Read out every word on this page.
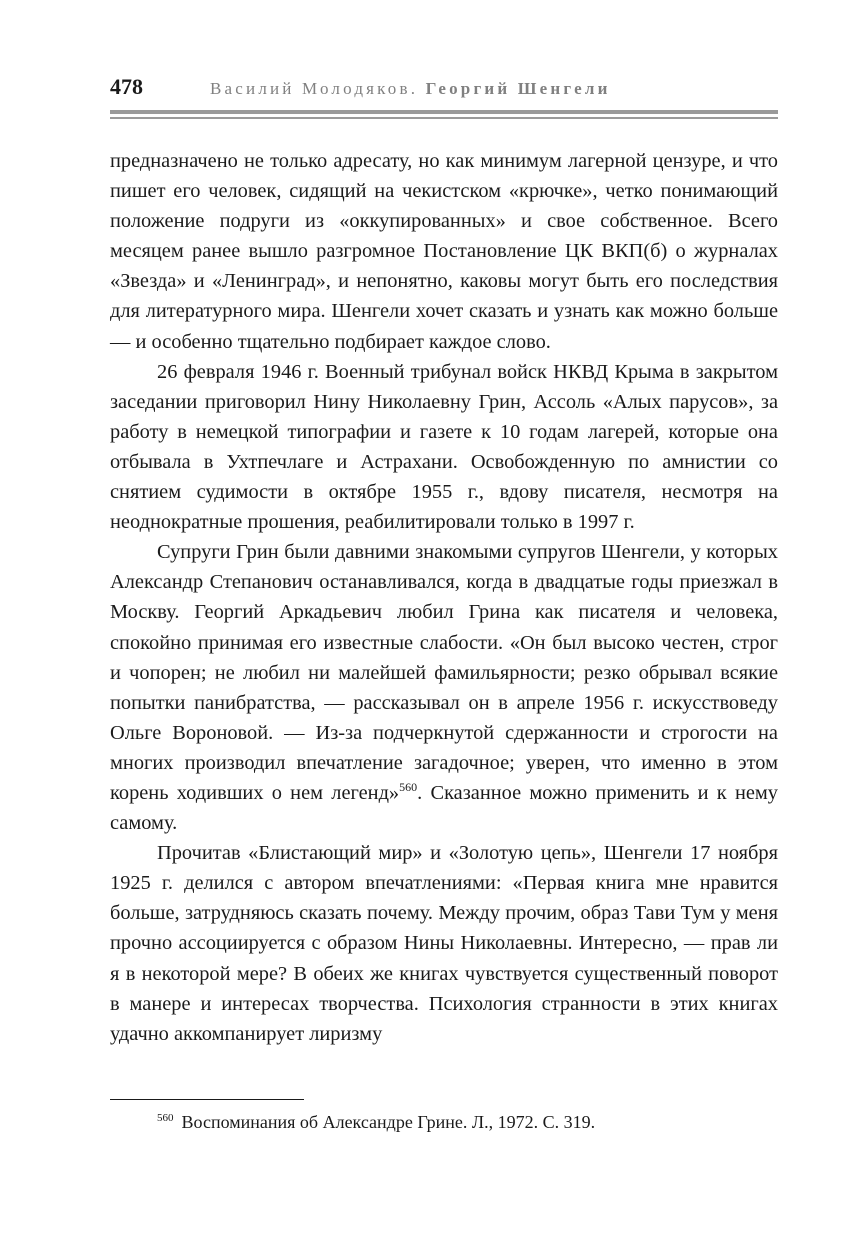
478	Василий Молодяков. Георгий Шенгели

предназначено не только адресату, но как минимум лагерной цензуре, и что пишет его человек, сидящий на чекистском «крючке», четко понимающий положение подруги из «оккупированных» и свое собственное. Всего месяцем ранее вышло разгромное Постановление ЦК ВКП(б) о журналах «Звезда» и «Ленинград», и непонятно, каковы могут быть его последствия для литературного мира. Шенгели хочет сказать и узнать как можно больше — и особенно тщательно подбирает каждое слово.

26 февраля 1946 г. Военный трибунал войск НКВД Крыма в закрытом заседании приговорил Нину Николаевну Грин, Ассоль «Алых парусов», за работу в немецкой типографии и газете к 10 годам лагерей, которые она отбывала в Ухтпечлаге и Астрахани. Освобожденную по амнистии со снятием судимости в октябре 1955 г., вдову писателя, несмотря на неоднократные прошения, реабилитировали только в 1997 г.

Супруги Грин были давними знакомыми супругов Шенгели, у которых Александр Степанович останавливался, когда в двадцатые годы приезжал в Москву. Георгий Аркадьевич любил Грина как писателя и человека, спокойно принимая его известные слабости. «Он был высоко честен, строг и чопорен; не любил ни малейшей фамильярности; резко обрывал всякие попытки панибратства, — рассказывал он в апреле 1956 г. искусствоведу Ольге Вороновой. — Из-за подчеркнутой сдержанности и строгости на многих производил впечатление загадочное; уверен, что именно в этом корень ходивших о нем легенд»$^{560}$. Сказанное можно применить и к нему самому.

Прочитав «Блистающий мир» и «Золотую цепь», Шенгели 17 ноября 1925 г. делился с автором впечатлениями: «Первая книга мне нравится больше, затрудняюсь сказать почему. Между прочим, образ Тави Тум у меня прочно ассоциируется с образом Нины Николаевны. Интересно, — прав ли я в некоторой мере? В обеих же книгах чувствуется существенный поворот в манере и интересах творчества. Психология странности в этих книгах удачно аккомпанирует лиризму

$^{560}$ Воспоминания об Александре Грине. Л., 1972. С. 319.
